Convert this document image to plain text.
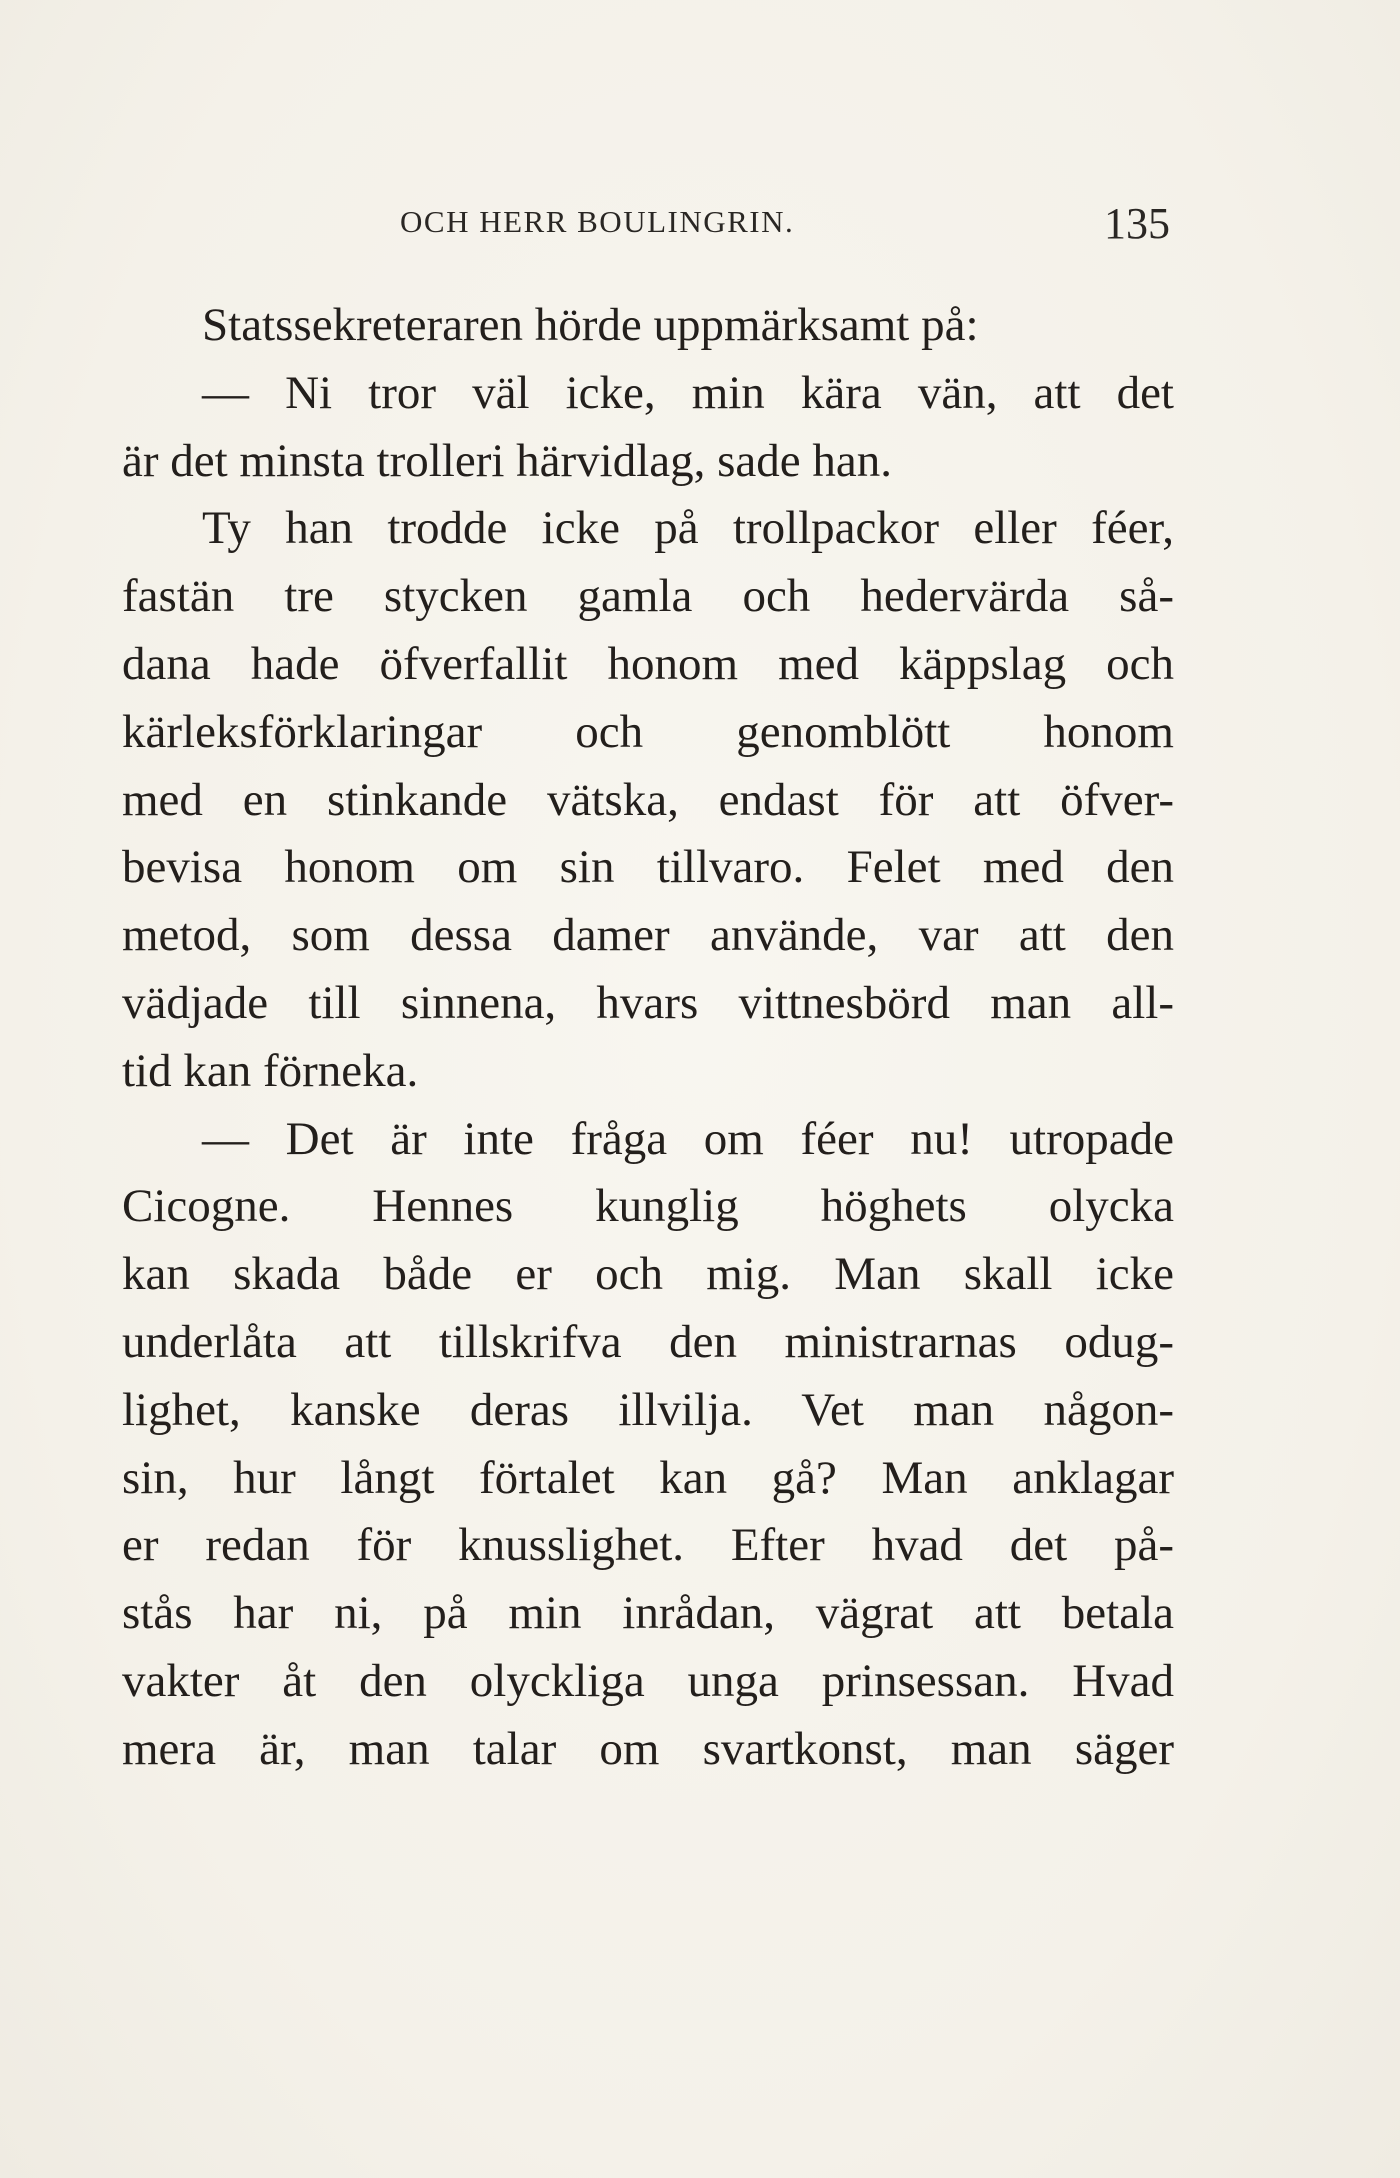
OCH HERR BOULINGRIN.	135
Statssekreteraren hörde uppmärksamt på:
— Ni tror väl icke, min kära vän, att det
är det minsta trolleri härvidlag, sade han.
Ty han trodde icke på trollpackor eller féer,
fastän tre stycken gamla och hedervärda så-
dana hade öfverfallit honom med käppslag och
kärleksförklaringar och genomblött honom
med en stinkande vätska, endast för att öfver-
bevisa honom om sin tillvaro. Felet med den
metod, som dessa damer använde, var att den
vädjade till sinnena, hvars vittnesbörd man all-
tid kan förneka.
— Det är inte fråga om féer nu! utropade
Cicogne. Hennes kunglig höghets olycka
kan skada både er och mig. Man skall icke
underlåta att tillskrifva den ministrarnas odug-
lighet, kanske deras illvilja. Vet man någon-
sin, hur långt förtalet kan gå? Man anklagar
er redan för knusslighet. Efter hvad det på-
stås har ni, på min inrådan, vägrat att betala
vakter åt den olyckliga unga prinsessan. Hvad
mera är, man talar om svartkonst, man säger
